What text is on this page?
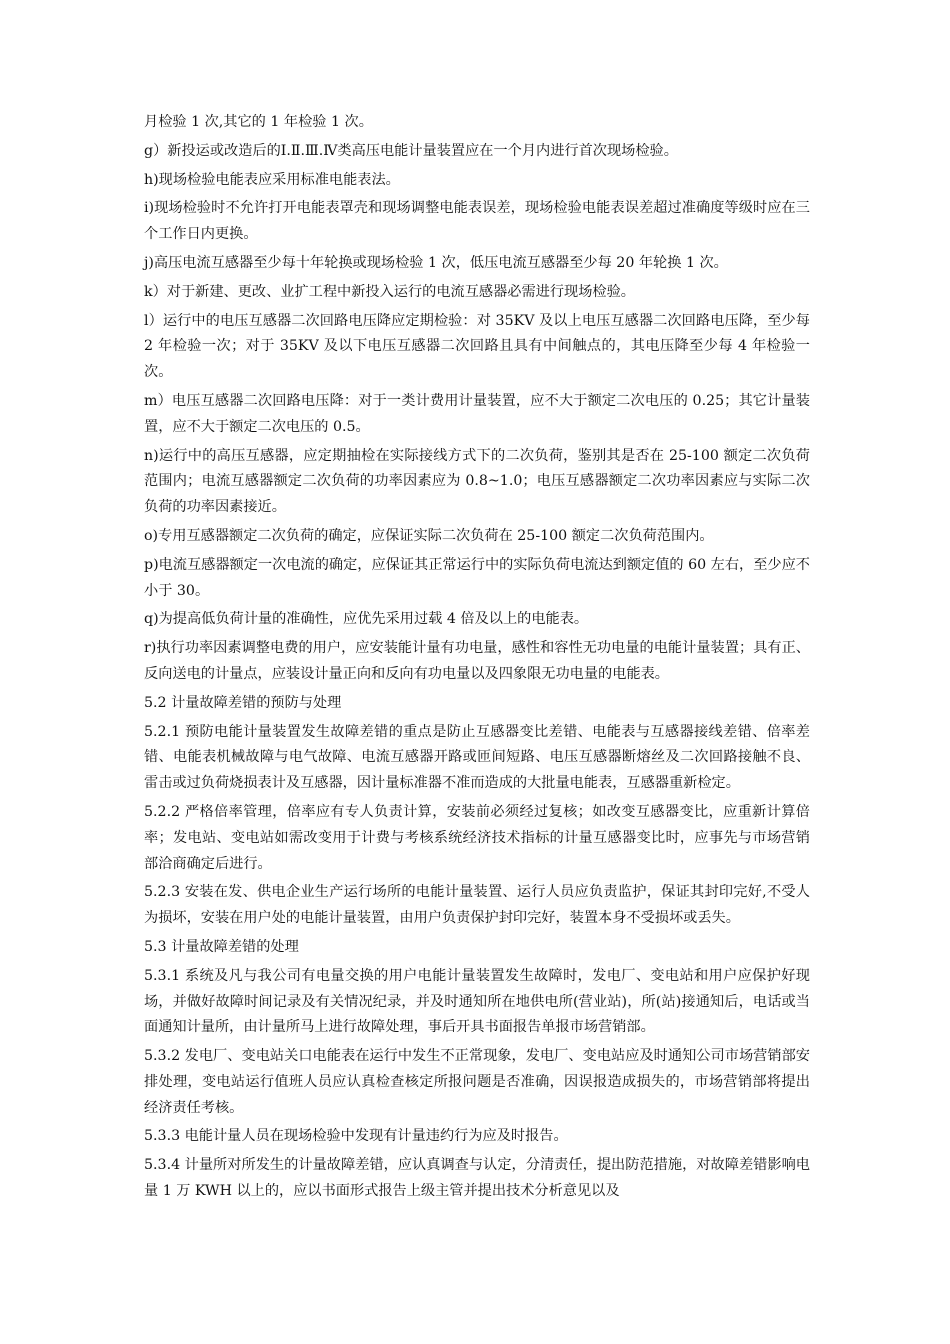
月检验 1 次,其它的 1 年检验 1 次。

g）新投运或改造后的Ⅰ.Ⅱ.Ⅲ.Ⅳ类高压电能计量装置应在一个月内进行首次现场检验。

h)现场检验电能表应采用标准电能表法。

i)现场检验时不允许打开电能表罩壳和现场调整电能表误差，现场检验电能表误差超过准确度等级时应在三个工作日内更换。

j)高压电流互感器至少每十年轮换或现场检验 1 次，低压电流互感器至少每 20 年轮换 1 次。

k）对于新建、更改、业扩工程中新投入运行的电流互感器必需进行现场检验。

l）运行中的电压互感器二次回路电压降应定期检验：对 35KV 及以上电压互感器二次回路电压降，至少每 2 年检验一次；对于 35KV 及以下电压互感器二次回路且具有中间触点的，其电压降至少每 4 年检验一次。

m）电压互感器二次回路电压降：对于一类计费用计量装置，应不大于额定二次电压的 0.25；其它计量装置，应不大于额定二次电压的 0.5。

n)运行中的高压互感器，应定期抽检在实际接线方式下的二次负荷，鉴别其是否在 25-100 额定二次负荷范围内；电流互感器额定二次负荷的功率因素应为 0.8~1.0；电压互感器额定二次功率因素应与实际二次负荷的功率因素接近。

o)专用互感器额定二次负荷的确定，应保证实际二次负荷在 25-100 额定二次负荷范围内。

p)电流互感器额定一次电流的确定，应保证其正常运行中的实际负荷电流达到额定值的 60 左右，至少应不小于 30。

q)为提高低负荷计量的准确性，应优先采用过载 4 倍及以上的电能表。

r)执行功率因素调整电费的用户，应安装能计量有功电量，感性和容性无功电量的电能计量装置；具有正、反向送电的计量点，应装设计量正向和反向有功电量以及四象限无功电量的电能表。

5.2 计量故障差错的预防与处理

5.2.1 预防电能计量装置发生故障差错的重点是防止互感器变比差错、电能表与互感器接线差错、倍率差错、电能表机械故障与电气故障、电流互感器开路或匝间短路、电压互感器断熔丝及二次回路接触不良、雷击或过负荷烧损表计及互感器，因计量标准器不准而造成的大批量电能表，互感器重新检定。

5.2.2 严格倍率管理，倍率应有专人负责计算，安装前必须经过复核；如改变互感器变比，应重新计算倍率；发电站、变电站如需改变用于计费与考核系统经济技术指标的计量互感器变比时，应事先与市场营销部洽商确定后进行。

5.2.3 安装在发、供电企业生产运行场所的电能计量装置、运行人员应负责监护，保证其封印完好,不受人为损坏，安装在用户处的电能计量装置，由用户负责保护封印完好，装置本身不受损坏或丢失。

5.3 计量故障差错的处理

5.3.1 系统及凡与我公司有电量交换的用户电能计量装置发生故障时，发电厂、变电站和用户应保护好现场，并做好故障时间记录及有关情况纪录，并及时通知所在地供电所(营业站)，所(站)接通知后，电话或当面通知计量所，由计量所马上进行故障处理，事后开具书面报告单报市场营销部。

5.3.2 发电厂、变电站关口电能表在运行中发生不正常现象，发电厂、变电站应及时通知公司市场营销部安排处理，变电站运行值班人员应认真检查核定所报问题是否准确，因误报造成损失的，市场营销部将提出经济责任考核。

5.3.3 电能计量人员在现场检验中发现有计量违约行为应及时报告。

5.3.4 计量所对所发生的计量故障差错，应认真调查与认定，分清责任，提出防范措施，对故障差错影响电量 1 万 KWH 以上的，应以书面形式报告上级主管并提出技术分析意见以及
